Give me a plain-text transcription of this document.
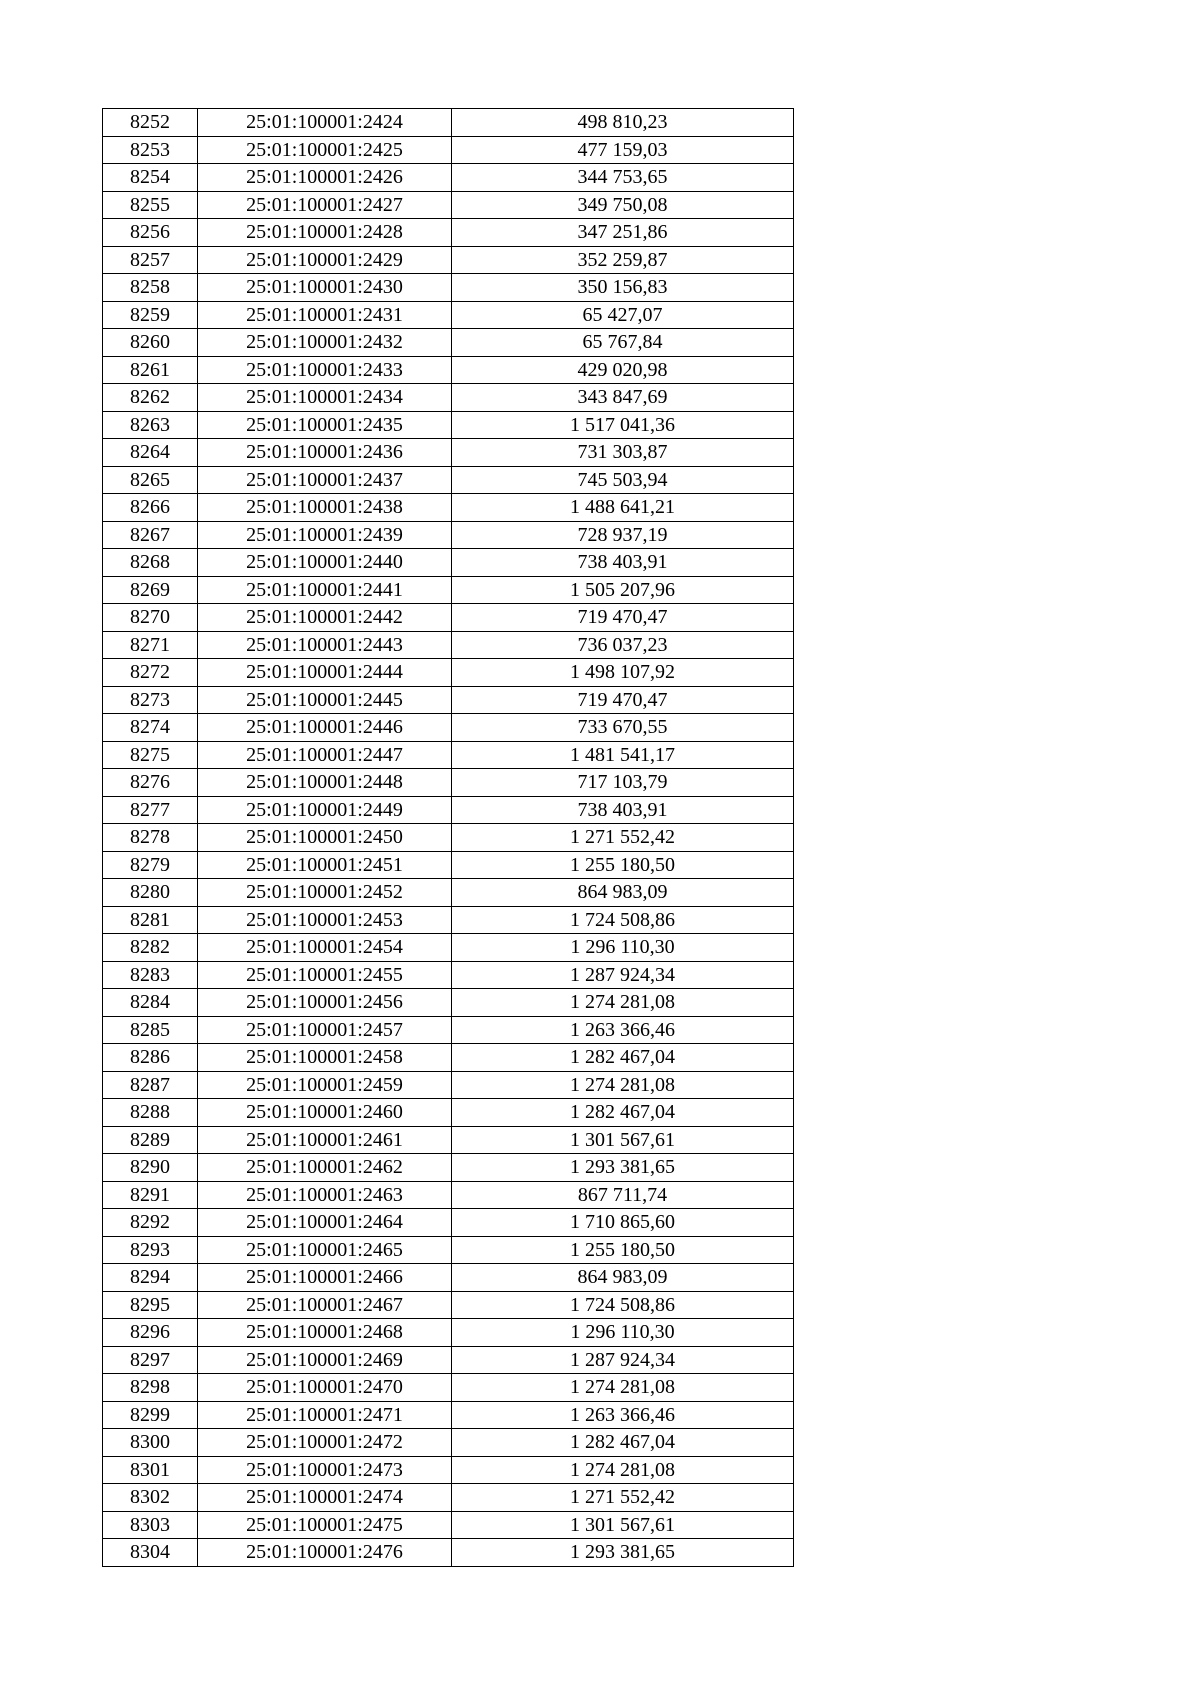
8252	25:01:100001:2424	498 810,23
8253	25:01:100001:2425	477 159,03
8254	25:01:100001:2426	344 753,65
8255	25:01:100001:2427	349 750,08
8256	25:01:100001:2428	347 251,86
8257	25:01:100001:2429	352 259,87
8258	25:01:100001:2430	350 156,83
8259	25:01:100001:2431	65 427,07
8260	25:01:100001:2432	65 767,84
8261	25:01:100001:2433	429 020,98
8262	25:01:100001:2434	343 847,69
8263	25:01:100001:2435	1 517 041,36
8264	25:01:100001:2436	731 303,87
8265	25:01:100001:2437	745 503,94
8266	25:01:100001:2438	1 488 641,21
8267	25:01:100001:2439	728 937,19
8268	25:01:100001:2440	738 403,91
8269	25:01:100001:2441	1 505 207,96
8270	25:01:100001:2442	719 470,47
8271	25:01:100001:2443	736 037,23
8272	25:01:100001:2444	1 498 107,92
8273	25:01:100001:2445	719 470,47
8274	25:01:100001:2446	733 670,55
8275	25:01:100001:2447	1 481 541,17
8276	25:01:100001:2448	717 103,79
8277	25:01:100001:2449	738 403,91
8278	25:01:100001:2450	1 271 552,42
8279	25:01:100001:2451	1 255 180,50
8280	25:01:100001:2452	864 983,09
8281	25:01:100001:2453	1 724 508,86
8282	25:01:100001:2454	1 296 110,30
8283	25:01:100001:2455	1 287 924,34
8284	25:01:100001:2456	1 274 281,08
8285	25:01:100001:2457	1 263 366,46
8286	25:01:100001:2458	1 282 467,04
8287	25:01:100001:2459	1 274 281,08
8288	25:01:100001:2460	1 282 467,04
8289	25:01:100001:2461	1 301 567,61
8290	25:01:100001:2462	1 293 381,65
8291	25:01:100001:2463	867 711,74
8292	25:01:100001:2464	1 710 865,60
8293	25:01:100001:2465	1 255 180,50
8294	25:01:100001:2466	864 983,09
8295	25:01:100001:2467	1 724 508,86
8296	25:01:100001:2468	1 296 110,30
8297	25:01:100001:2469	1 287 924,34
8298	25:01:100001:2470	1 274 281,08
8299	25:01:100001:2471	1 263 366,46
8300	25:01:100001:2472	1 282 467,04
8301	25:01:100001:2473	1 274 281,08
8302	25:01:100001:2474	1 271 552,42
8303	25:01:100001:2475	1 301 567,61
8304	25:01:100001:2476	1 293 381,65
